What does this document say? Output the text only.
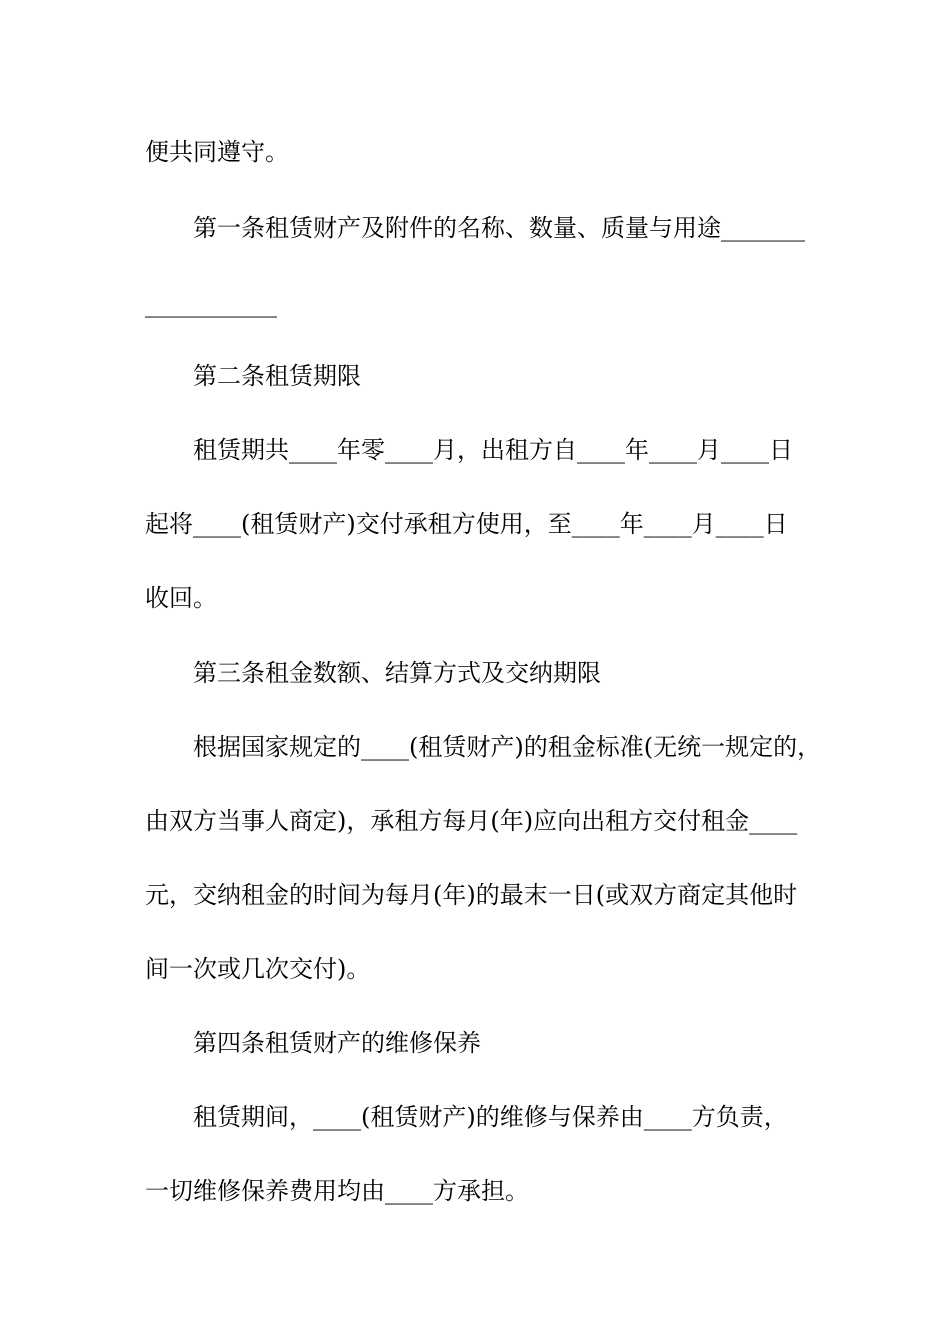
便共同遵守。
第一条租赁财产及附件的名称、数量、质量与用途_______
___________
第二条租赁期限
租赁期共____年零____月，出租方自____年____月____日
起将____(租赁财产)交付承租方使用，至____年____月____日
收回。
第三条租金数额、结算方式及交纳期限
根据国家规定的____(租赁财产)的租金标准(无统一规定的，
由双方当事人商定)，承租方每月(年)应向出租方交付租金____
元，交纳租金的时间为每月(年)的最末一日(或双方商定其他时
间一次或几次交付)。
第四条租赁财产的维修保养
租赁期间，____(租赁财产)的维修与保养由____方负责，
一切维修保养费用均由____方承担。
